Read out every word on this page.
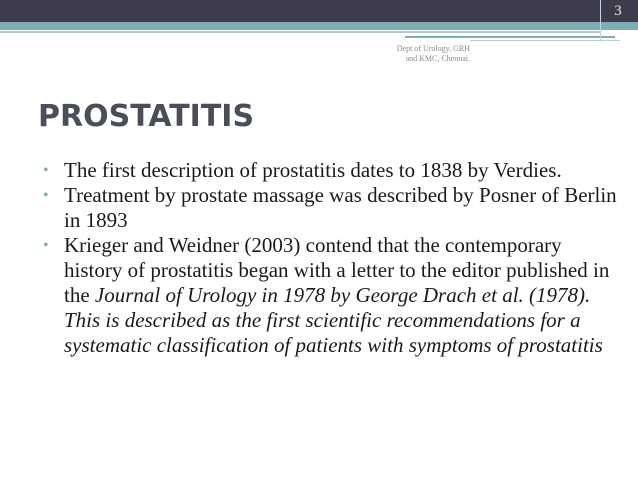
3
Dept of Urology, GRH
and KMC, Chennai.
PROSTATITIS
• The first description of prostatitis dates to 1838 by Verdies.
• Treatment by prostate massage was described by Posner of Berlin in 1893
• Krieger and Weidner (2003) contend that the contemporary history of prostatitis began with a letter to the editor published in the Journal of Urology in 1978 by George Drach et al. (1978). This is described as the first scientific recommendations for a systematic classification of patients with symptoms of prostatitis
